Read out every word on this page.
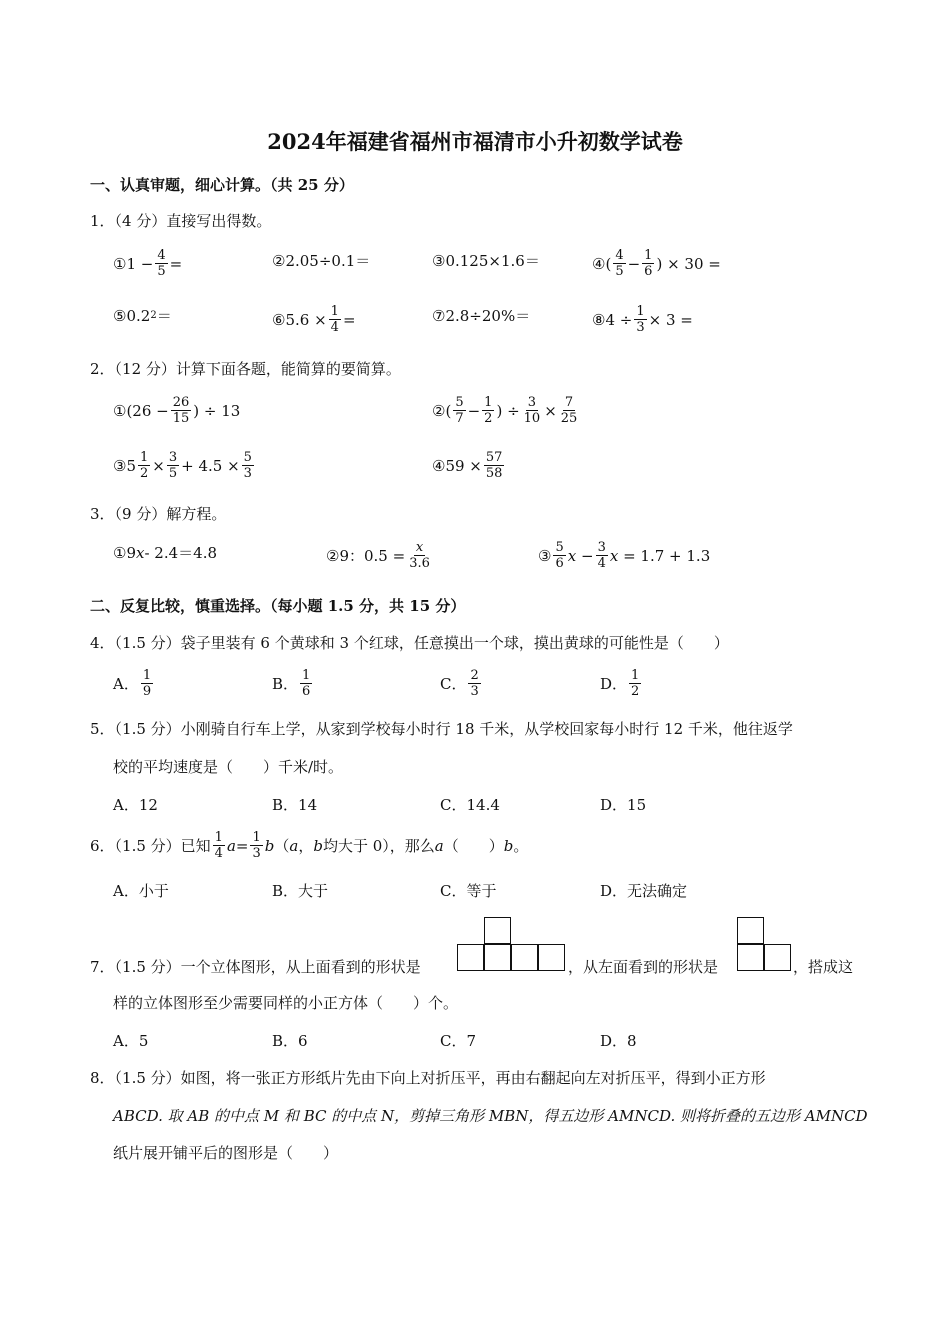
2024年福建省福州市福清市小升初数学试卷
一、认真审题，细心计算。（共 25 分）
1．（4 分）直接写出得数。
① $1 - \frac{4}{5}$ =	② 2.05÷0.1＝	③ 0.125×1.6＝	④ ( $\frac{4}{5} - \frac{1}{6}$ ) × 30 =
⑤ 0.2 2 ＝	⑥ $5.6 \times \frac{1}{4}$ =	⑦ 2.8÷20%＝	⑧ $4 \div \frac{1}{3} \times 3$ =
2．（12 分）计算下面各题，能简算的要简算。
① ($26 - \frac{26}{15}$ ) ÷ 13	② ( $\frac{5}{7} - \frac{1}{2}$ ) ÷ $\frac{3}{10} \times \frac{7}{25}$
③ $5 \frac{1}{2} \times \frac{3}{5} + 4.5 \times \frac{5}{3}$	④ $59 \times \frac{57}{58}$
3．（9 分）解方程。
① 9 x - 2.4＝4.8	② 9：$0.5 = \frac{x}{3.6}$	③ $\frac{5}{6}$ x
− $\frac{3}{4}$ x
= 1.7 + 1.3
二、反复比较，慎重选择。（每小题 1.5 分，共 15 分）
4．（1.5 分）袋子里装有 6 个黄球和 3 个红球，任意摸出一个球，摸出黄球的可能性是（　　）
A． $\frac{1}{9}$	B． $\frac{1}{6}$	C． $\frac{2}{3}$	D． $\frac{1}{2}$
5．（1.5 分）小刚骑自行车上学，从家到学校每小时行 18 千米，从学校回家每小时行 12 千米，他往返学
校的平均速度是（　　）千米/时。
A．12	B．14	C．14.4	D．15
6．（1.5 分）已知 $\frac{1}{4}$ $a = \frac{1}{3}$ b （ a ， b 均大于 0），那么 a （　　） b 。
A．小于	B．大于	C．等于	D．无法确定
7．（1.5 分）一个立体图形，从上面看到的形状是	，从左面看到的形状是	，搭成这
样的立体图形至少需要同样的小正方体（　　）个。
A．5	B．6	C．7	D．8
8．（1.5 分）如图，将一张正方形纸片先由下向上对折压平，再由右翻起向左对折压平，得到小正方形
ABCD. 取 AB 的中点 M 和 BC 的中点 N，剪掉三角形 MBN，得五边形 AMNCD. 则将折叠的五边形 AMNCD
纸片展开铺平后的图形是（　　）
